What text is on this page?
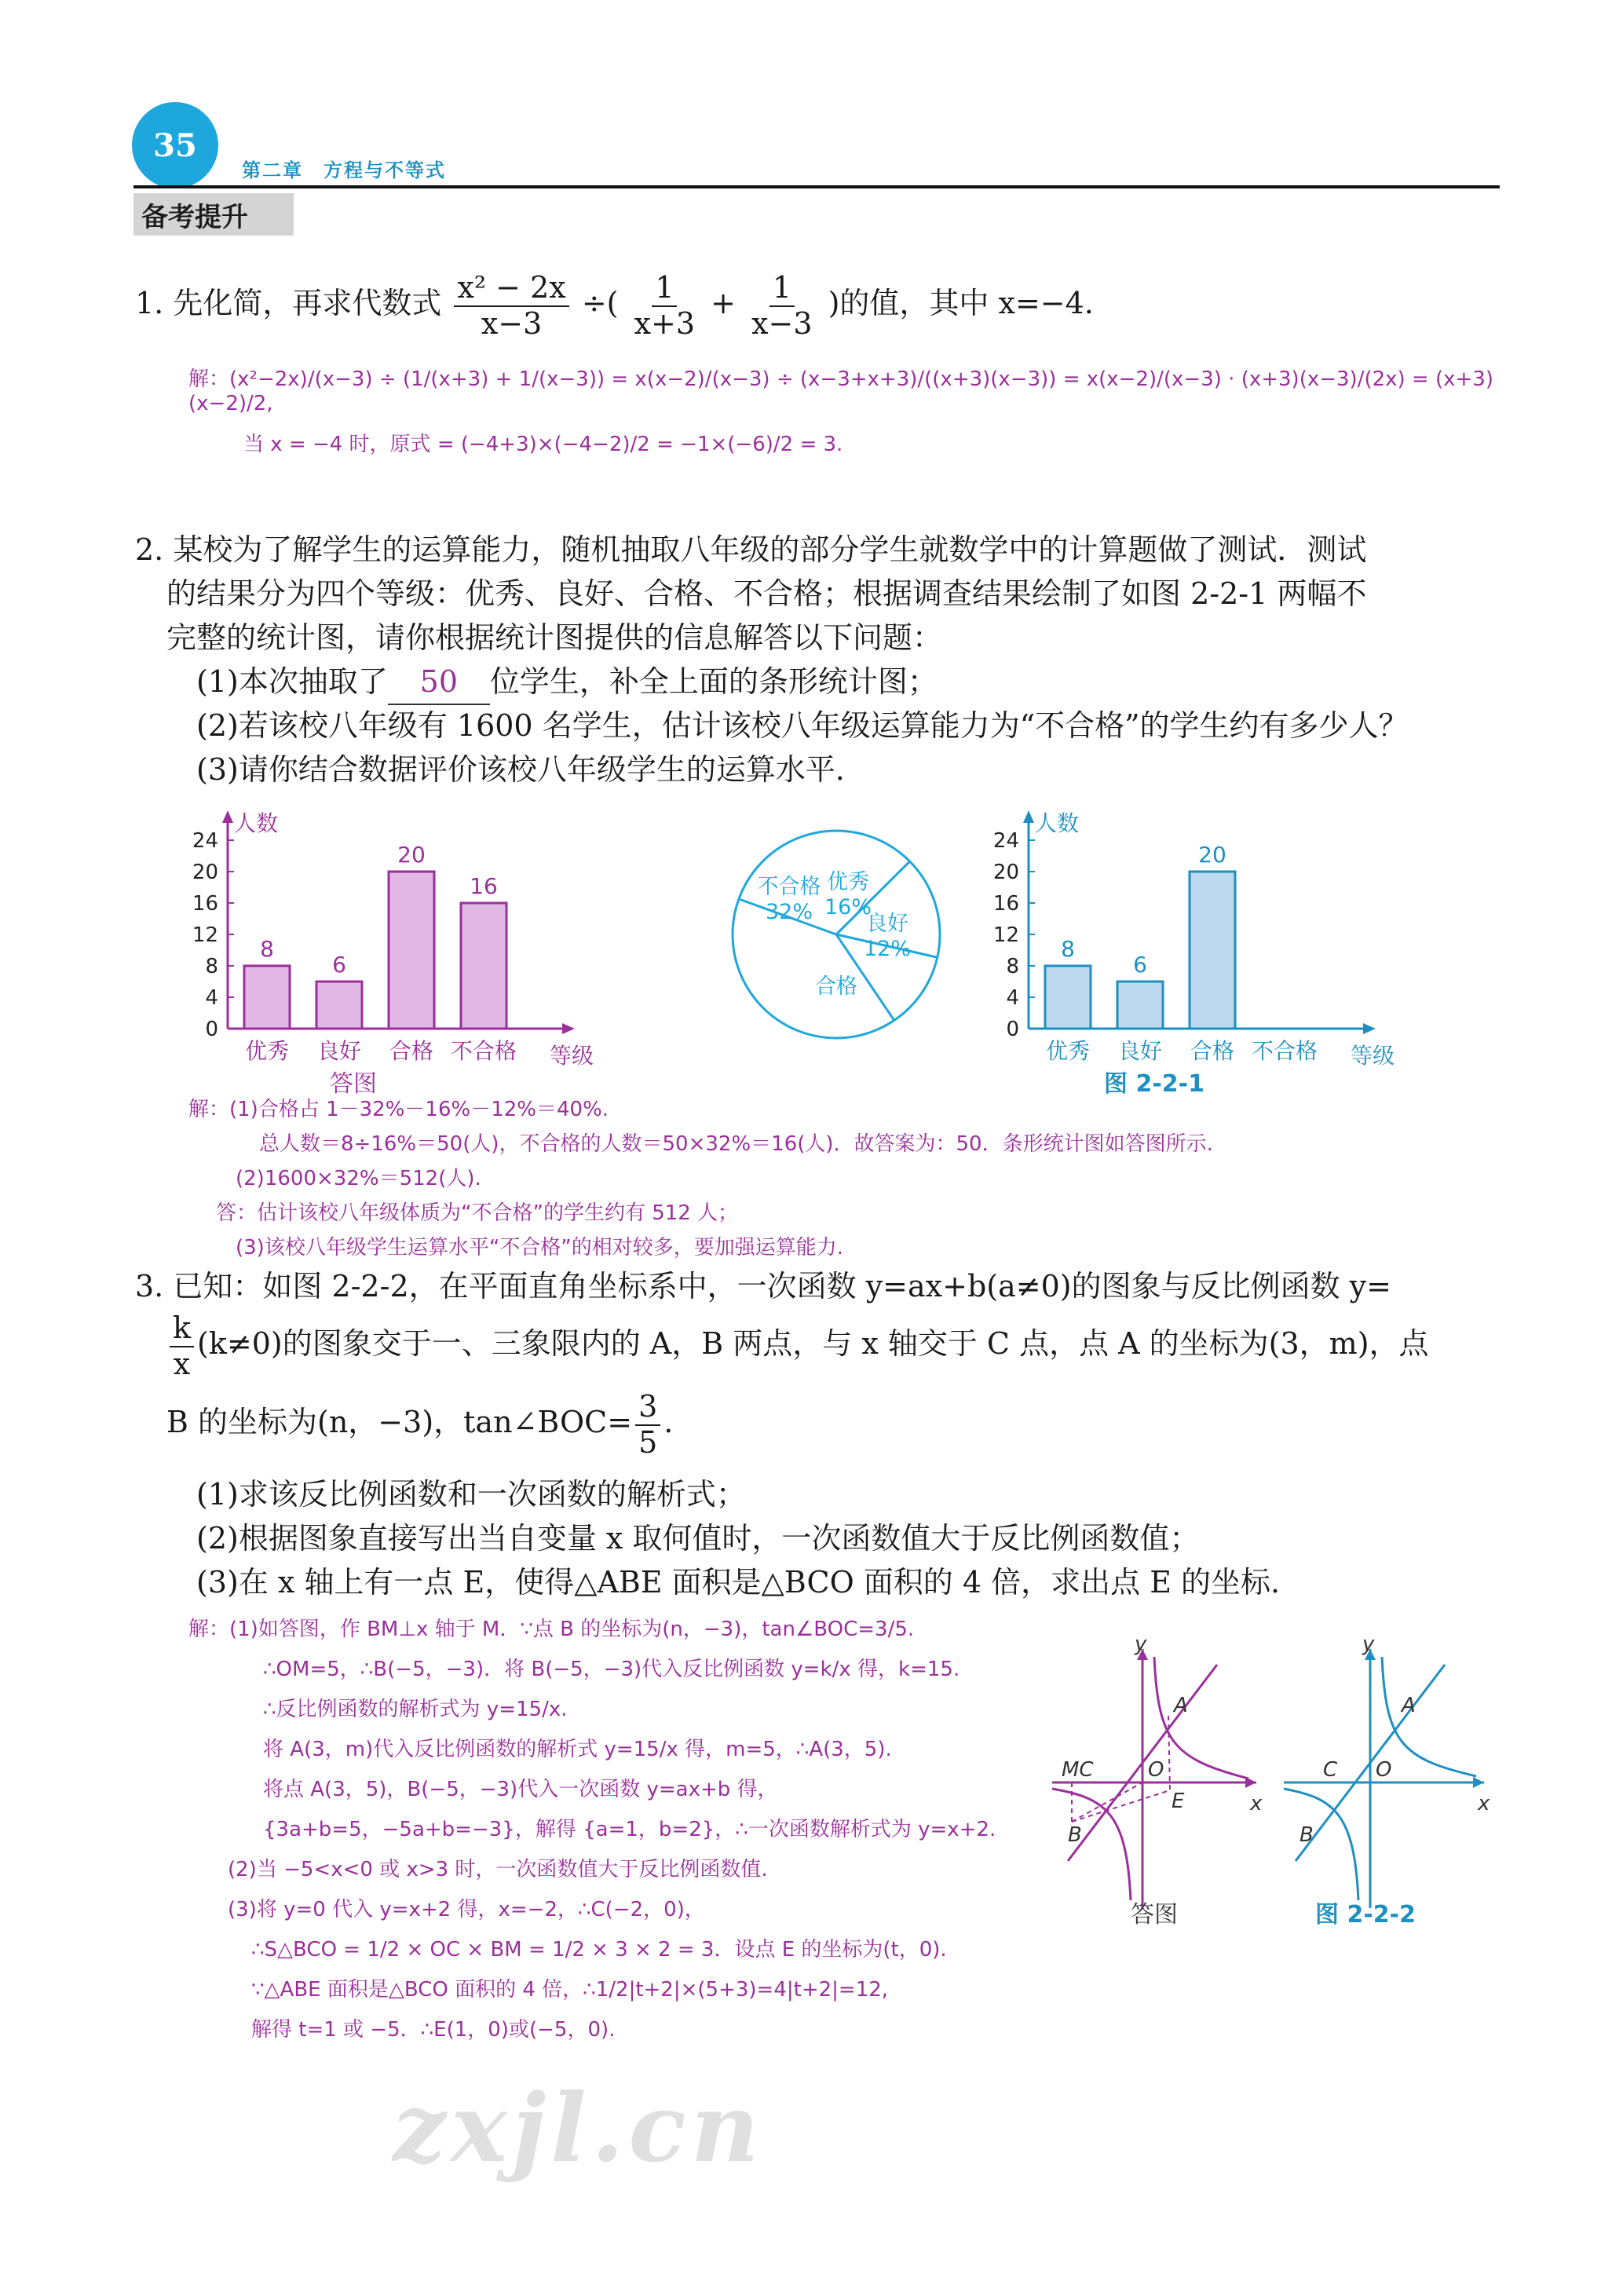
35
第二章　方程与不等式
备考提升
1. 先化简，再求代数式 $\frac{\text{x² − 2x}}{x-3}$ ÷( $\frac{1}{x+3} + \frac{1}{x-3}$ )的值，其中 x=−4.
解：(x²−2x)/(x−3) ÷ (1/(x+3) + 1/(x−3)) = x(x−2)/(x−3) ÷ (x−3+x+3)/((x+3)(x−3)) = x(x−2)/(x−3) · (x+3)(x−3)/(2x) = (x+3)(x−2)/2,
当 x = −4 时，原式 = (−4+3)×(−4−2)/2 = −1×(−6)/2 = 3.
2. 某校为了解学生的运算能力，随机抽取八年级的部分学生就数学中的计算题做了测试．测试
的结果分为四个等级：优秀、良好、合格、不合格；根据调查结果绘制了如图 2-2-1 两幅不
完整的统计图，请你根据统计图提供的信息解答以下问题：
(1)本次抽取了 50 位学生，补全上面的条形统计图；
(2)若该校八年级有 1600 名学生，估计该校八年级运算能力为“不合格”的学生约有多少人？
(3)请你结合数据评价该校八年级学生的运算水平．
人数
等级
0
4
8
12
16
20
24
优秀
8
良好
6
合格
20
不合格
16
答图
不合格
32%
优秀
16%
良好
12%
合格
人数
等级
0
4
8
12
16
20
24
优秀
8
良好
6
合格
20
不合格
图 2-2-1
解：(1)合格占 1－32%－16%－12%＝40%.
总人数＝8÷16%＝50(人)，不合格的人数＝50×32%＝16(人)．故答案为：50．条形统计图如答图所示.
(2)1600×32%＝512(人).
答：估计该校八年级体质为“不合格”的学生约有 512 人；
(3)该校八年级学生运算水平“不合格”的相对较多，要加强运算能力.
3. 已知：如图 2-2-2，在平面直角坐标系中，一次函数 y=ax+b(a≠0)的图象与反比例函数 y=
$\frac{k}{x} (k\ne 0)$的图象交于一、三象限内的 A，B 两点，与 x 轴交于 C 点，点 A 的坐标为(3，m)，点
B 的坐标为(n，−3)，tan∠BOC= $\frac{3}{5}$ .
(1)求该反比例函数和一次函数的解析式；
(2)根据图象直接写出当自变量 x 取何值时，一次函数值大于反比例函数值；
(3)在 x 轴上有一点 E，使得△ABE 面积是△BCO 面积的 4 倍，求出点 E 的坐标.
解：(1)如答图，作 BM⊥x 轴于 M．∵点 B 的坐标为(n，−3)，tan∠BOC=3/5.
∴OM=5，∴B(−5，−3)．将 B(−5，−3)代入反比例函数 y=k/x 得，k=15.
∴反比例函数的解析式为 y=15/x.
将 A(3，m)代入反比例函数的解析式 y=15/x 得，m=5，∴A(3，5).
将点 A(3，5)，B(−5，−3)代入一次函数 y=ax+b 得，
{3a+b=5，−5a+b=−3}，解得 {a=1，b=2}，∴一次函数解析式为 y=x+2.
(2)当 −5<x<0 或 x>3 时，一次函数值大于反比例函数值.
(3)将 y=0 代入 y=x+2 得，x=−2，∴C(−2，0)，
∴S△BCO = 1/2 × OC × BM = 1/2 × 3 × 2 = 3．设点 E 的坐标为(t，0).
∵△ABE 面积是△BCO 面积的 4 倍，∴1/2|t+2|×(5+3)=4|t+2|=12,
解得 t=1 或 −5．∴E(1，0)或(−5，0).
y
x
A
B
MC	O
E
答图
y
x
A
B
C O
图 2-2-2
zxjl.cn
